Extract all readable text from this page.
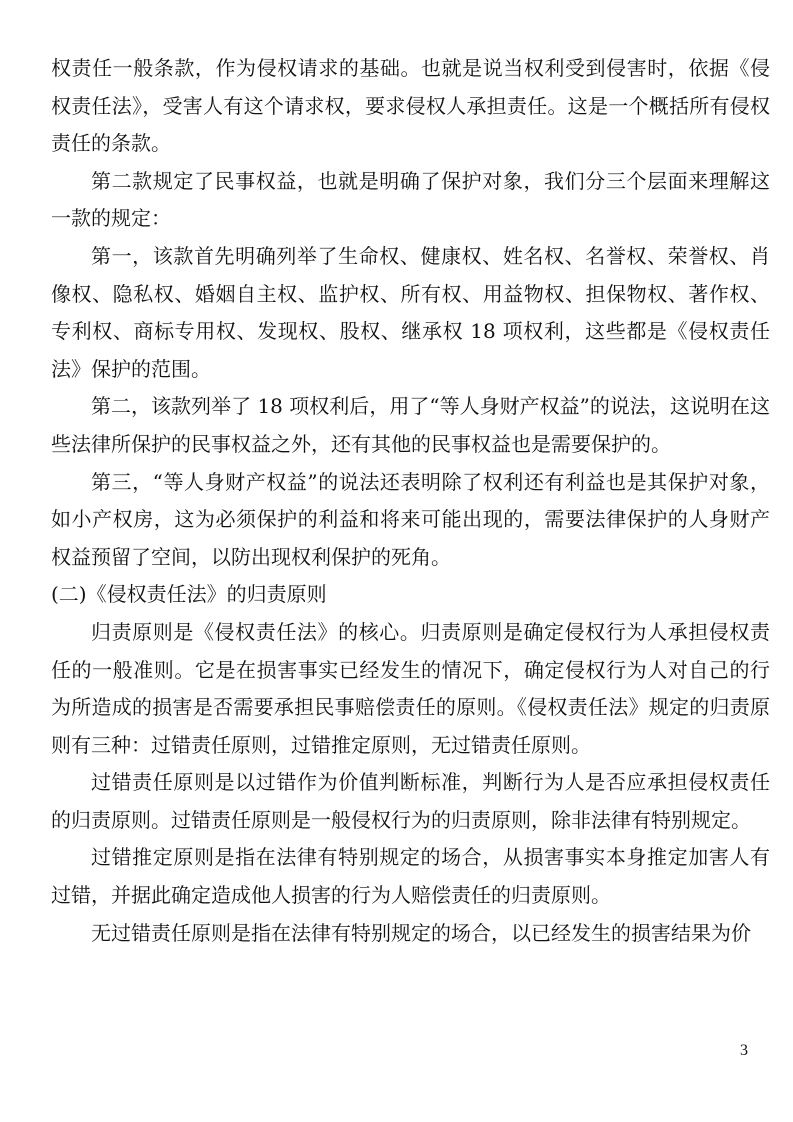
权责任一般条款，作为侵权请求的基础。也就是说当权利受到侵害时，依据《侵权责任法》，受害人有这个请求权，要求侵权人承担责任。这是一个概括所有侵权责任的条款。

第二款规定了民事权益，也就是明确了保护对象，我们分三个层面来理解这一款的规定：

第一，该款首先明确列举了生命权、健康权、姓名权、名誉权、荣誉权、肖像权、隐私权、婚姻自主权、监护权、所有权、用益物权、担保物权、著作权、专利权、商标专用权、发现权、股权、继承权 18 项权利，这些都是《侵权责任法》保护的范围。

第二，该款列举了 18 项权利后，用了“等人身财产权益”的说法，这说明在这些法律所保护的民事权益之外，还有其他的民事权益也是需要保护的。

第三，“等人身财产权益”的说法还表明除了权利还有利益也是其保护对象，如小产权房，这为必须保护的利益和将来可能出现的，需要法律保护的人身财产权益预留了空间，以防出现权利保护的死角。

(二)《侵权责任法》的归责原则

归责原则是《侵权责任法》的核心。归责原则是确定侵权行为人承担侵权责任的一般准则。它是在损害事实已经发生的情况下，确定侵权行为人对自己的行为所造成的损害是否需要承担民事赔偿责任的原则。《侵权责任法》规定的归责原则有三种：过错责任原则，过错推定原则，无过错责任原则。

过错责任原则是以过错作为价值判断标准，判断行为人是否应承担侵权责任的归责原则。过错责任原则是一般侵权行为的归责原则，除非法律有特别规定。

过错推定原则是指在法律有特别规定的场合，从损害事实本身推定加害人有过错，并据此确定造成他人损害的行为人赔偿责任的归责原则。

无过错责任原则是指在法律有特别规定的场合，以已经发生的损害结果为价

3
